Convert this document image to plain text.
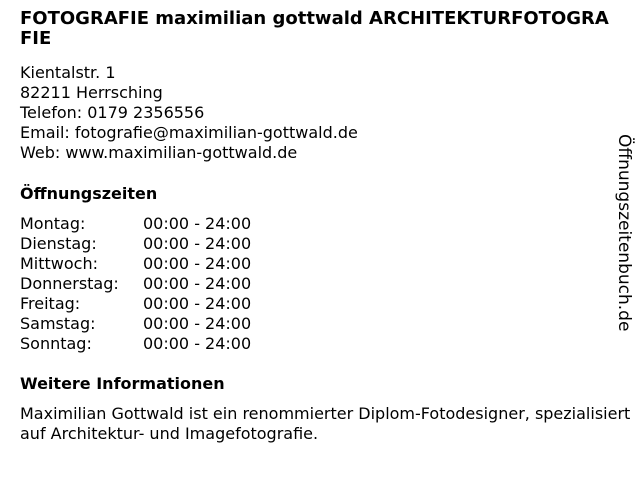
FOTOGRAFIE maximilian gottwald ARCHITEKTURFOTOGRAFIE
Kientalstr. 1
82211 Herrsching
Telefon: 0179 2356556
Email: fotografie@maximilian-gottwald.de
Web: www.maximilian-gottwald.de
Öffnungszeiten
Montag:	00:00 - 24:00
Dienstag:	00:00 - 24:00
Mittwoch:	00:00 - 24:00
Donnerstag:	00:00 - 24:00
Freitag:	00:00 - 24:00
Samstag:	00:00 - 24:00
Sonntag:	00:00 - 24:00
Weitere Informationen
Maximilian Gottwald ist ein renommierter Diplom-Fotodesigner, spezialisiert auf Architektur- und Imagefotografie.
Öffnungszeitenbuch.de
